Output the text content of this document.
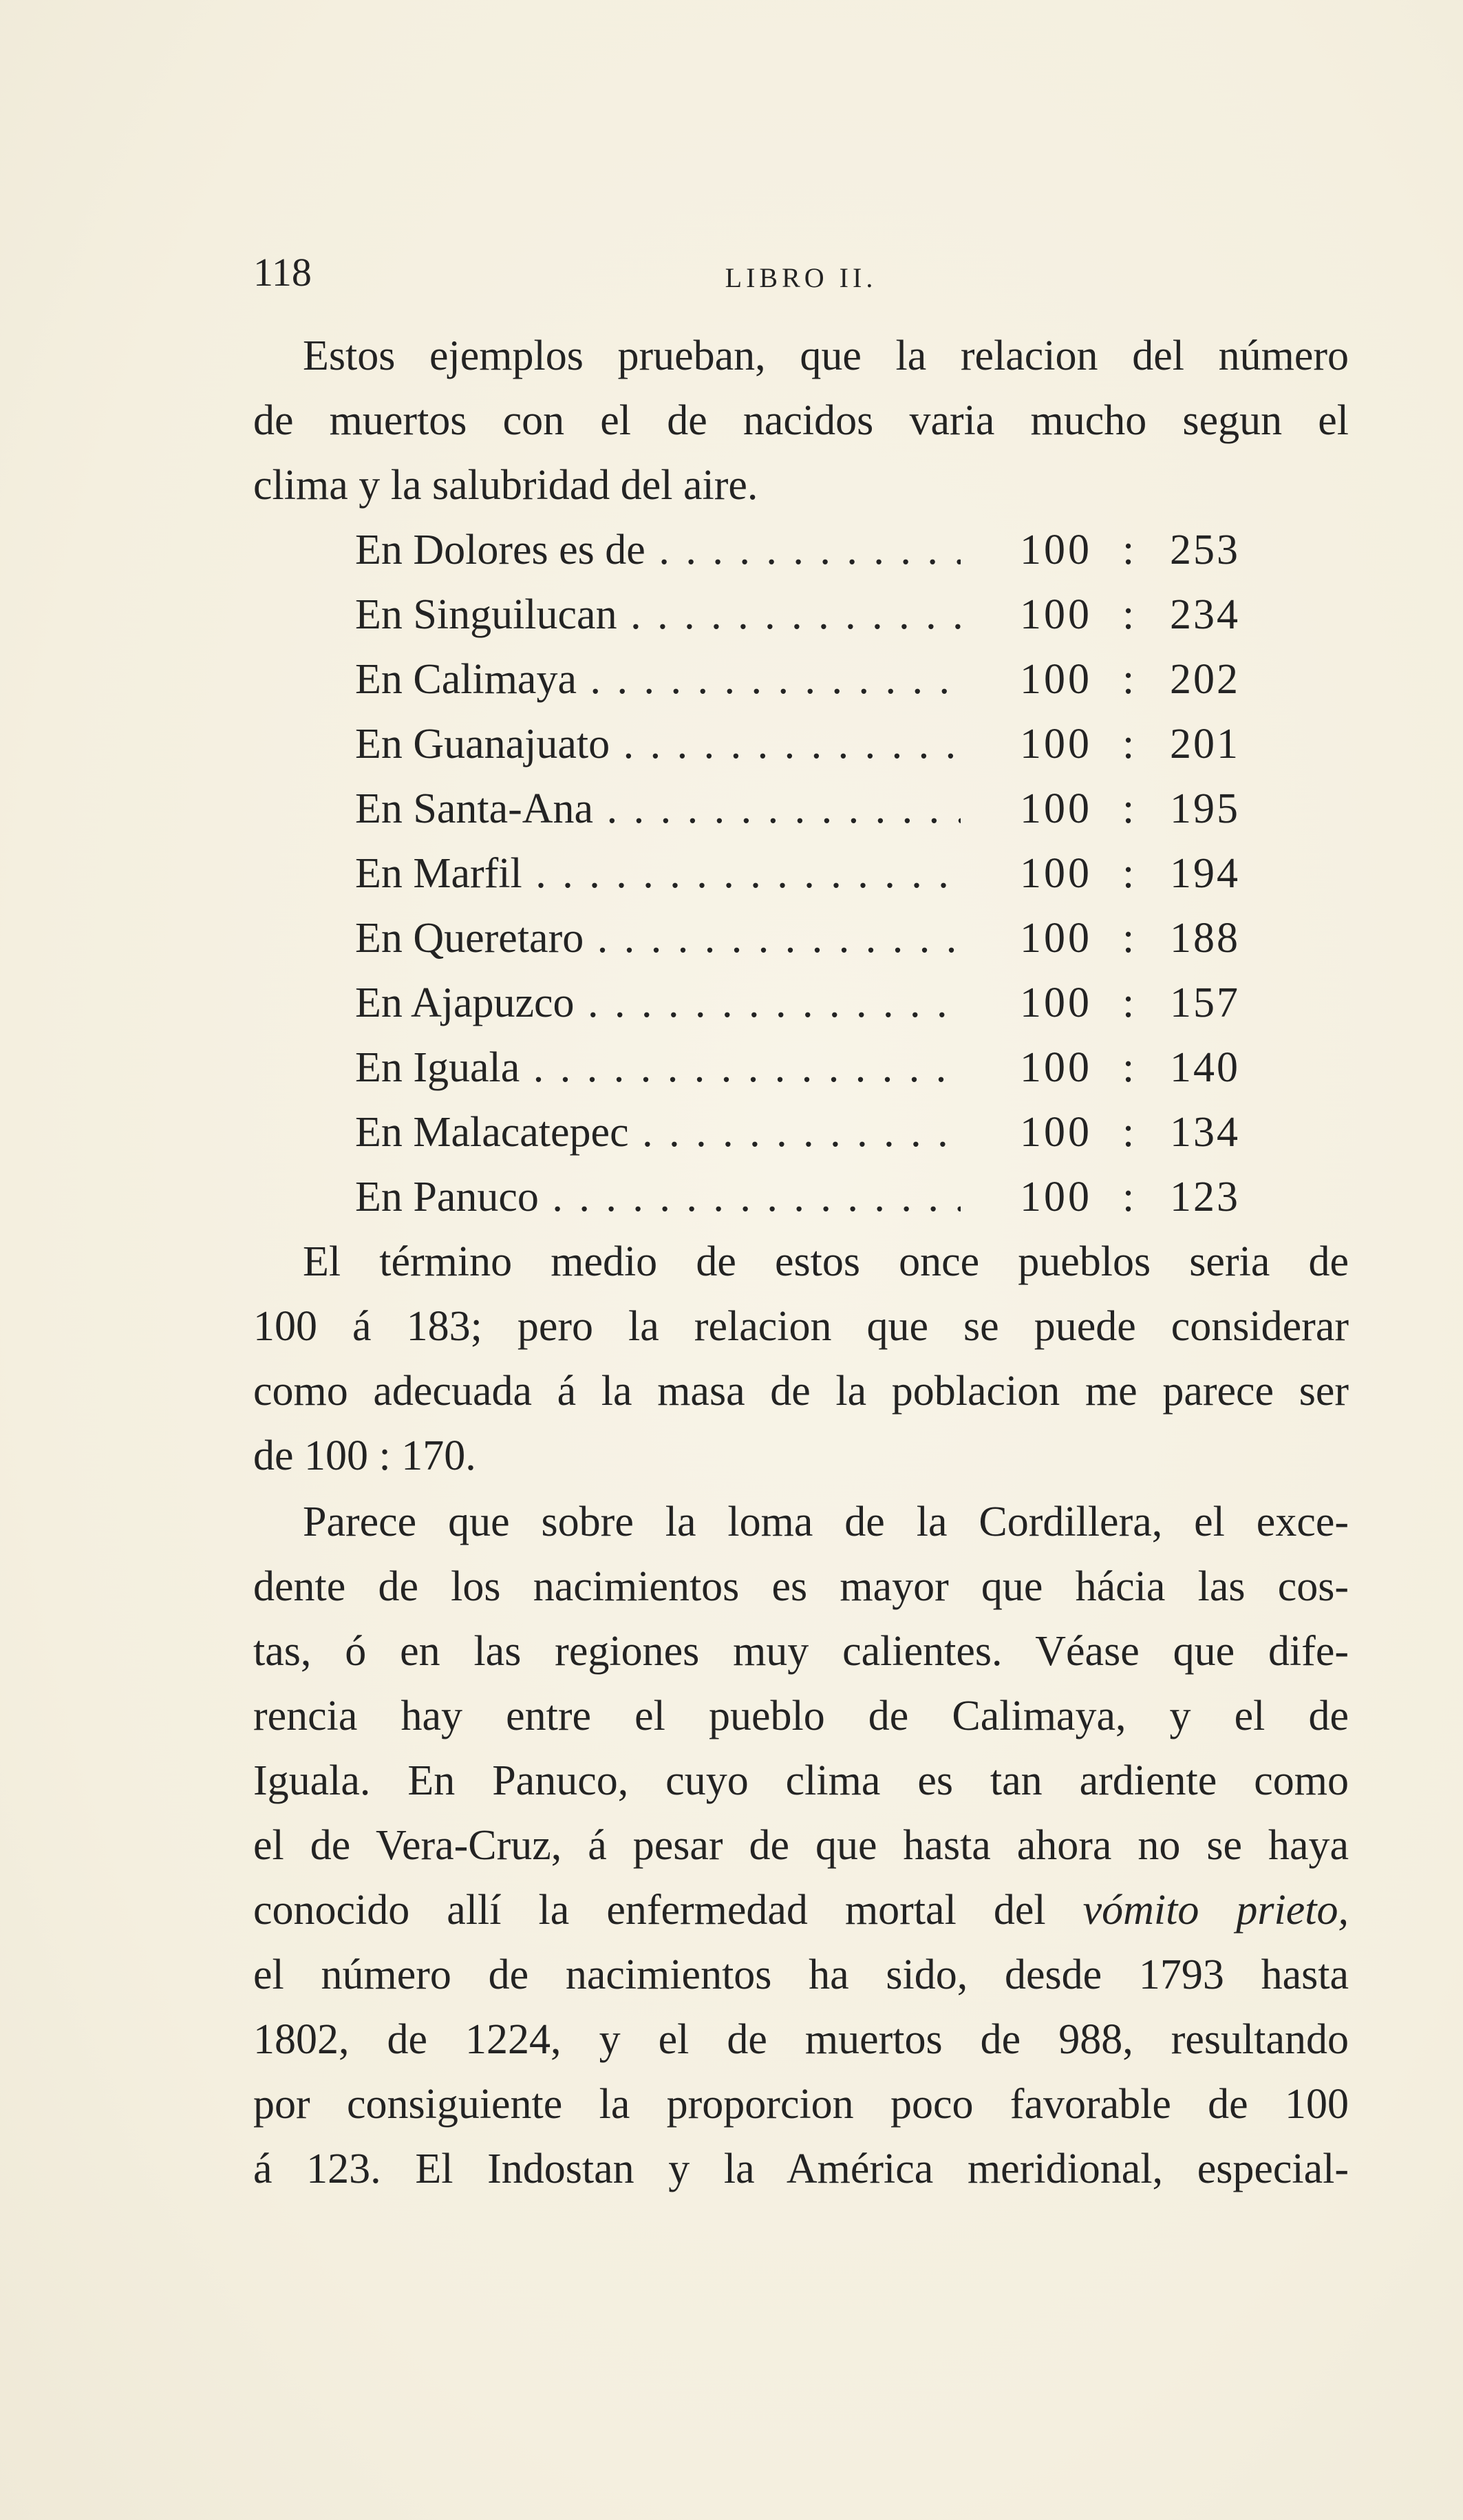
118	LIBRO II.
Estos ejemplos prueban, que la relacion del número
de muertos con el de nacidos varia mucho segun el
clima y la salubridad del aire.
En Dolores es de . . .	100 : 253
En Singuilucan . . .	100 : 234
En Calimaya . . .	100 : 202
En Guanajuato . . .	100 : 201
En Santa-Ana . . .	100 : 195
En Marfil . . .	100 : 194
En Queretaro . . .	100 : 188
En Ajapuzco . . .	100 : 157
En Iguala . . .	100 : 140
En Malacatepec . . .	100 : 134
En Panuco . . .	100 : 123
El término medio de estos once pueblos seria de
100 á 183; pero la relacion que se puede considerar
como adecuada á la masa de la poblacion me parece ser
de 100 : 170.
Parece que sobre la loma de la Cordillera, el exce-
dente de los nacimientos es mayor que hácia las cos-
tas, ó en las regiones muy calientes. Véase que dife-
rencia hay entre el pueblo de Calimaya, y el de
Iguala. En Panuco, cuyo clima es tan ardiente como
el de Vera-Cruz, á pesar de que hasta ahora no se haya
conocido allí la enfermedad mortal del vómito prieto,
el número de nacimientos ha sido, desde 1793 hasta
1802, de 1224, y el de muertos de 988, resultando
por consiguiente la proporcion poco favorable de 100
á 123. El Indostan y la América meridional, especial-
